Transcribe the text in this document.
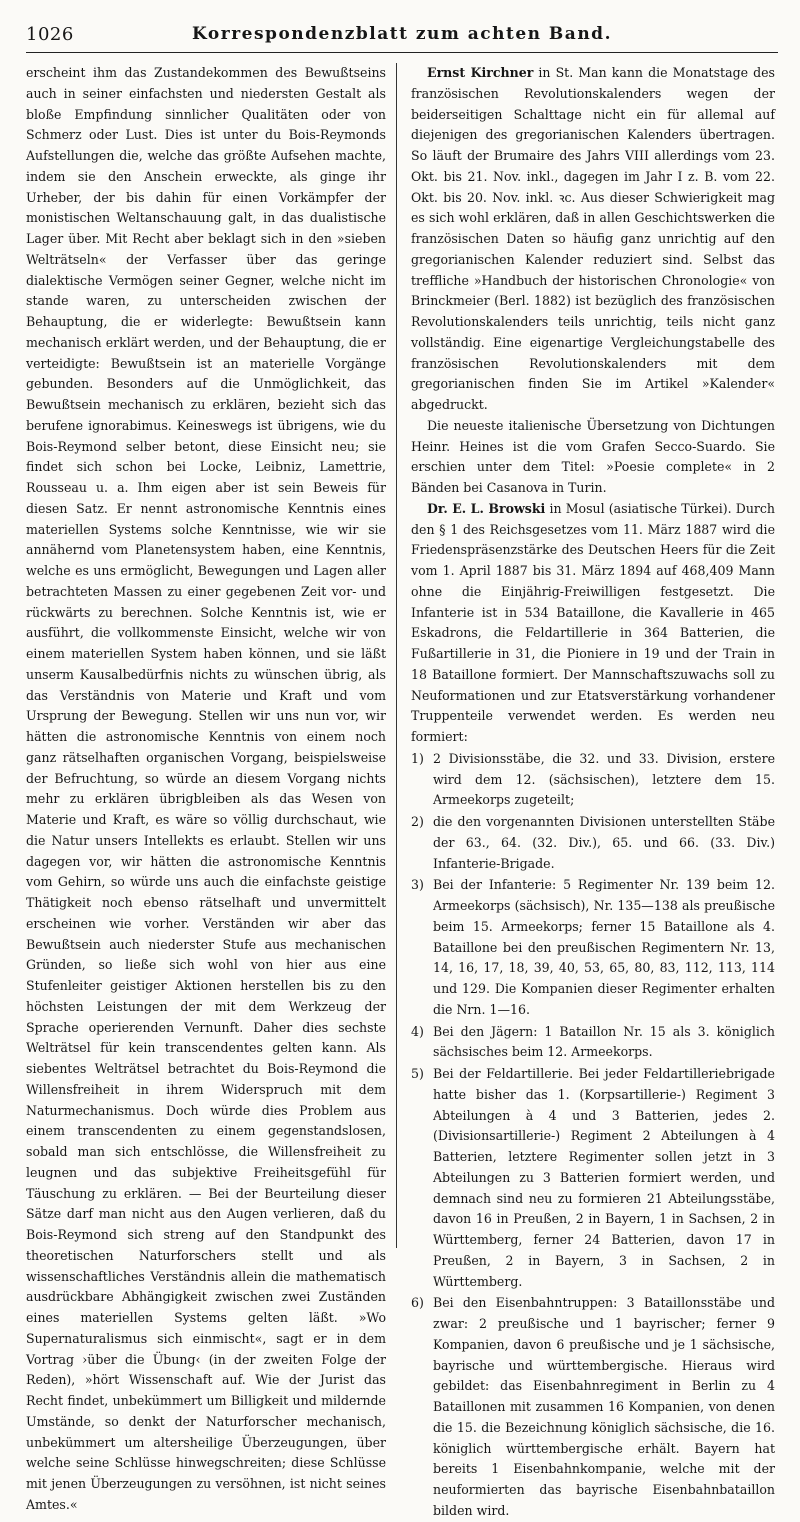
1026	Korrespondenzblatt zum achten Band.

erscheint ihm das Zustandekommen des Bewußtseins auch in seiner einfachsten und niedersten Gestalt als bloße Empfindung sinnlicher Qualitäten oder von Schmerz oder Lust. Dies ist unter du Bois-Reymonds Aufstellungen die, welche das größte Aufsehen machte, indem sie den Anschein erweckte, als ginge ihr Urheber, der bis dahin für einen Vorkämpfer der monistischen Weltanschauung galt, in das dualistische Lager über. Mit Recht aber beklagt sich in den »sieben Welträtseln« der Verfasser über das geringe dialektische Vermögen seiner Gegner, welche nicht im stande waren, zu unterscheiden zwischen der Behauptung, die er widerlegte: Bewußtsein kann mechanisch erklärt werden, und der Behauptung, die er verteidigte: Bewußtsein ist an materielle Vorgänge gebunden. Besonders auf die Unmöglichkeit, das Bewußtsein mechanisch zu erklären, bezieht sich das berufene ignorabimus. Keineswegs ist übrigens, wie du Bois-Reymond selber betont, diese Einsicht neu; sie findet sich schon bei Locke, Leibniz, Lamettrie, Rousseau u. a. Ihm eigen aber ist sein Beweis für diesen Satz. Er nennt astronomische Kenntnis eines materiellen Systems solche Kenntnisse, wie wir sie annähernd vom Planetensystem haben, eine Kenntnis, welche es uns ermöglicht, Bewegungen und Lagen aller betrachteten Massen zu einer gegebenen Zeit vor- und rückwärts zu berechnen. Solche Kenntnis ist, wie er ausführt, die vollkommenste Einsicht, welche wir von einem materiellen System haben können, und sie läßt unserm Kausalbedürfnis nichts zu wünschen übrig, als das Verständnis von Materie und Kraft und vom Ursprung der Bewegung. Stellen wir uns nun vor, wir hätten die astronomische Kenntnis von einem noch ganz rätselhaften organischen Vorgang, beispielsweise der Befruchtung, so würde an diesem Vorgang nichts mehr zu erklären übrigbleiben als das Wesen von Materie und Kraft, es wäre so völlig durchschaut, wie die Natur unsers Intellekts es erlaubt. Stellen wir uns dagegen vor, wir hätten die astronomische Kenntnis vom Gehirn, so würde uns auch die einfachste geistige Thätigkeit noch ebenso rätselhaft und unvermittelt erscheinen wie vorher. Verständen wir aber das Bewußtsein auch niederster Stufe aus mechanischen Gründen, so ließe sich wohl von hier aus eine Stufenleiter geistiger Aktionen herstellen bis zu den höchsten Leistungen der mit dem Werkzeug der Sprache operierenden Vernunft. Daher dies sechste Welträtsel für kein transcendentes gelten kann. Als siebentes Welträtsel betrachtet du Bois-Reymond die Willensfreiheit in ihrem Widerspruch mit dem Naturmechanismus. Doch würde dies Problem aus einem transcendenten zu einem gegenstandslosen, sobald man sich entschlösse, die Willensfreiheit zu leugnen und das subjektive Freiheitsgefühl für Täuschung zu erklären. — Bei der Beurteilung dieser Sätze darf man nicht aus den Augen verlieren, daß du Bois-Reymond sich streng auf den Standpunkt des theoretischen Naturforschers stellt und als wissenschaftliches Verständnis allein die mathematisch ausdrückbare Abhängigkeit zwischen zwei Zuständen eines materiellen Systems gelten läßt. »Wo Supernaturalismus sich einmischt«, sagt er in dem Vortrag ›über die Übung‹ (in der zweiten Folge der Reden), »hört Wissenschaft auf. Wie der Jurist das Recht findet, unbekümmert um Billigkeit und mildernde Umstände, so denkt der Naturforscher mechanisch, unbekümmert um altersheilige Überzeugungen, über welche seine Schlüsse hinwegschreiten; diese Schlüsse mit jenen Überzeugungen zu versöhnen, ist nicht seines Amtes.«

Ernst Kirchner in St. Man kann die Monatstage des französischen Revolutionskalenders wegen der beiderseitigen Schalttage nicht ein für allemal auf diejenigen des gregorianischen Kalenders übertragen. So läuft der Brumaire des Jahrs VIII allerdings vom 23. Okt. bis 21. Nov. inkl., dagegen im Jahr I z. B. vom 22. Okt. bis 20. Nov. inkl. ꝛc. Aus dieser Schwierigkeit mag es sich wohl erklären, daß in allen Geschichtswerken die französischen Daten so häufig ganz unrichtig auf den gregorianischen Kalender reduziert sind. Selbst das treffliche »Handbuch der historischen Chronologie« von Brinckmeier (Berl. 1882) ist bezüglich des französischen Revolutionskalenders teils unrichtig, teils nicht ganz vollständig. Eine eigenartige Vergleichungstabelle des französischen Revolutionskalenders mit dem gregorianischen finden Sie im Artikel »Kalender« abgedruckt.

Die neueste italienische Übersetzung von Dichtungen Heinr. Heines ist die vom Grafen Secco-Suardo. Sie erschien unter dem Titel: »Poesie complete« in 2 Bänden bei Casanova in Turin.

Dr. E. L. Browski in Mosul (asiatische Türkei). Durch den § 1 des Reichsgesetzes vom 11. März 1887 wird die Friedenspräsenzstärke des Deutschen Heers für die Zeit vom 1. April 1887 bis 31. März 1894 auf 468,409 Mann ohne die Einjährig-Freiwilligen festgesetzt. Die Infanterie ist in 534 Bataillone, die Kavallerie in 465 Eskadrons, die Feldartillerie in 364 Batterien, die Fußartillerie in 31, die Pioniere in 19 und der Train in 18 Bataillone formiert. Der Mannschaftszuwachs soll zu Neuformationen und zur Etatsverstärkung vorhandener Truppenteile verwendet werden. Es werden neu formiert:

1) 2 Divisionsstäbe, die 32. und 33. Division, erstere wird dem 12. (sächsischen), letztere dem 15. Armeekorps zugeteilt;
2) die den vorgenannten Divisionen unterstellten Stäbe der 63., 64. (32. Div.), 65. und 66. (33. Div.) Infanterie-Brigade.
3) Bei der Infanterie: 5 Regimenter Nr. 139 beim 12. Armeekorps (sächsisch), Nr. 135—138 als preußische beim 15. Armeekorps; ferner 15 Bataillone als 4. Bataillone bei den preußischen Regimentern Nr. 13, 14, 16, 17, 18, 39, 40, 53, 65, 80, 83, 112, 113, 114 und 129. Die Kompanien dieser Regimenter erhalten die Nrn. 1—16.
4) Bei den Jägern: 1 Bataillon Nr. 15 als 3. königlich sächsisches beim 12. Armeekorps.
5) Bei der Feldartillerie. Bei jeder Feldartilleriebrigade hatte bisher das 1. (Korpsartillerie-) Regiment 3 Abteilungen à 4 und 3 Batterien, jedes 2. (Divisionsartillerie-) Regiment 2 Abteilungen à 4 Batterien, letztere Regimenter sollen jetzt in 3 Abteilungen zu 3 Batterien formiert werden, und demnach sind neu zu formieren 21 Abteilungsstäbe, davon 16 in Preußen, 2 in Bayern, 1 in Sachsen, 2 in Württemberg, ferner 24 Batterien, davon 17 in Preußen, 2 in Bayern, 3 in Sachsen, 2 in Württemberg.
6) Bei den Eisenbahntruppen: 3 Bataillonsstäbe und zwar: 2 preußische und 1 bayrischer; ferner 9 Kompanien, davon 6 preußische und je 1 sächsische, bayrische und württembergische. Hieraus wird gebildet: das Eisenbahnregiment in Berlin zu 4 Bataillonen mit zusammen 16 Kompanien, von denen die 15. die Bezeichnung königlich sächsische, die 16. königlich württembergische erhält. Bayern hat bereits 1 Eisenbahnkompanie, welche mit der neuformierten das bayrische Eisenbahnbataillon bilden wird.
